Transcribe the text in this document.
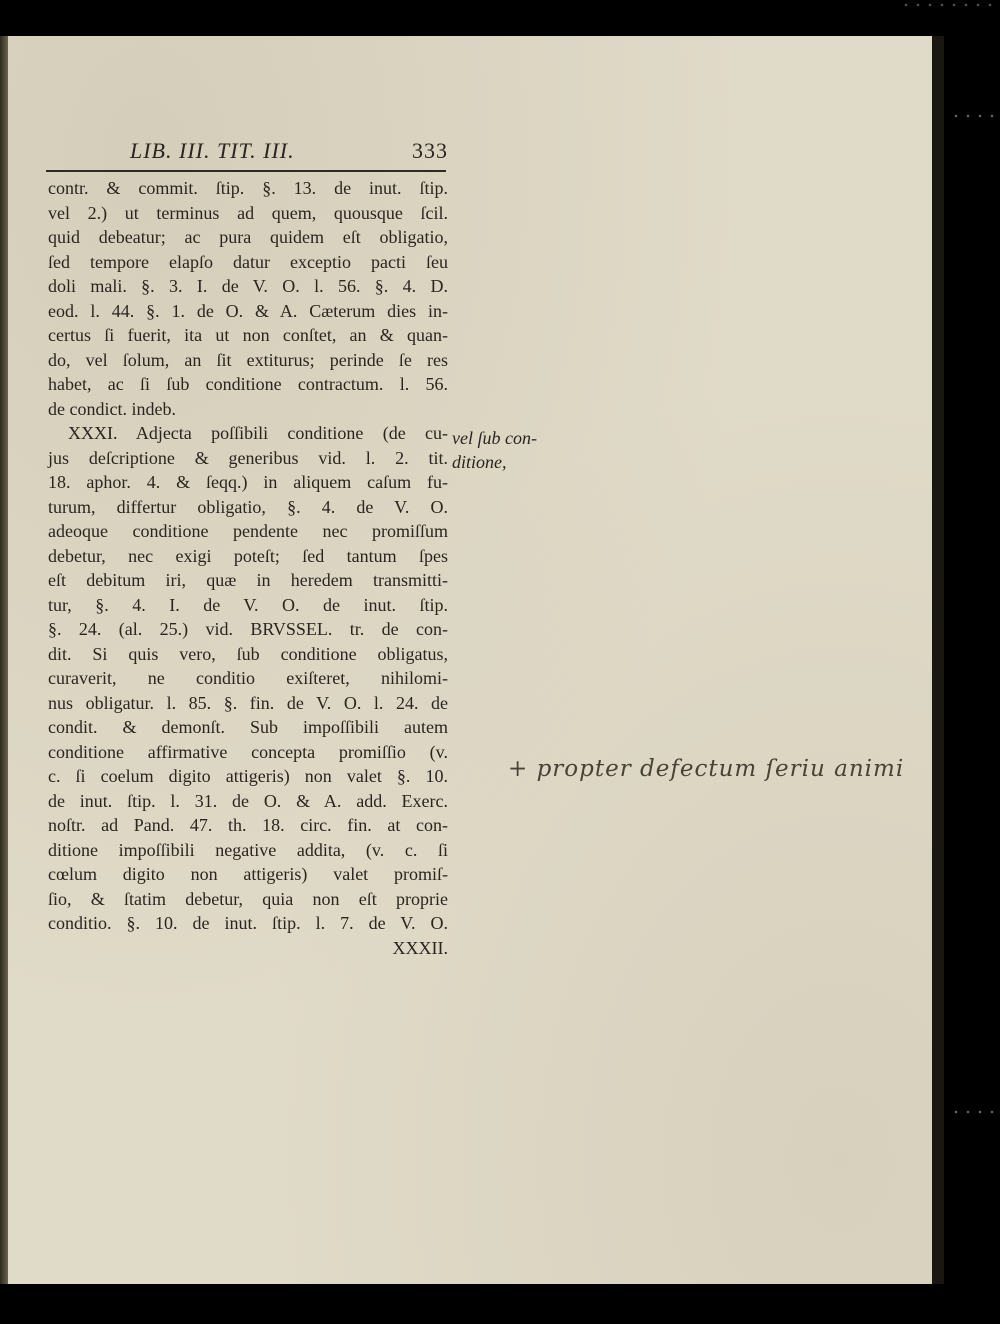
LIB. III. TIT. III.	333
contr. & commit. ſtip. §. 13. de inut. ſtip.
vel 2.) ut terminus ad quem, quousque ſcil.
quid debeatur; ac pura quidem eſt obligatio,
ſed tempore elapſo datur exceptio pacti ſeu
doli mali. §. 3. I. de V. O. l. 56. §. 4. D.
eod. l. 44. §. 1. de O. & A. Cæterum dies in-
certus ſi fuerit, ita ut non conſtet, an & quan-
do, vel ſolum, an ſit extiturus; perinde ſe res
habet, ac ſi ſub conditione contractum. l. 56.
de condict. indeb.
XXXI. Adjecta poſſibili conditione (de cu-
jus deſcriptione & generibus vid. l. 2. tit.
18. aphor. 4. & ſeqq.) in aliquem caſum fu-
turum, differtur obligatio, §. 4. de V. O.
adeoque conditione pendente nec promiſſum
debetur, nec exigi poteſt; ſed tantum ſpes
eſt debitum iri, quæ in heredem transmitti-
tur, §. 4. I. de V. O. de inut. ſtip.
§. 24. (al. 25.) vid. BRVSSEL. tr. de con-
dit. Si quis vero, ſub conditione obligatus,
curaverit, ne conditio exiſteret, nihilomi-
nus obligatur. l. 85. §. fin. de V. O. l. 24. de
condit. & demonſt. Sub impoſſibili autem
conditione affirmative concepta promiſſio (v.
c. ſi coelum digito attigeris) non valet §. 10.
de inut. ſtip. l. 31. de O. & A. add. Exerc.
noſtr. ad Pand. 47. th. 18. circ. fin. at con-
ditione impoſſibili negative addita, (v. c. ſi
cœlum digito non attigeris) valet promiſ-
ſio, & ſtatim debetur, quia non eſt proprie
conditio. §. 10. de inut. ſtip. l. 7. de V. O.
XXXII.
vel ſub con-
ditione,
+ propter defectum ſeriu animi
